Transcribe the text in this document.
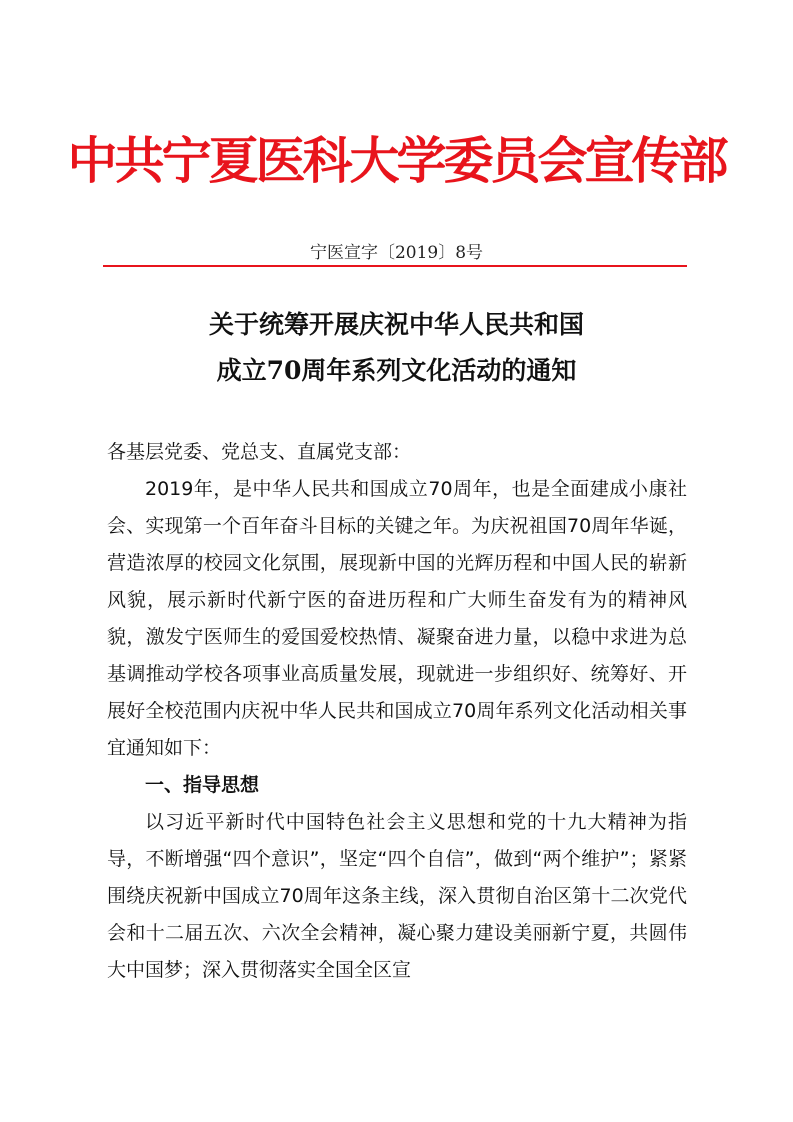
中共宁夏医科大学委员会宣传部
宁医宣字〔2019〕8号
关于统筹开展庆祝中华人民共和国
成立70周年系列文化活动的通知

各基层党委、党总支、直属党支部：

2019年，是中华人民共和国成立70周年，也是全面建成小康社会、实现第一个百年奋斗目标的关键之年。为庆祝祖国70周年华诞，营造浓厚的校园文化氛围，展现新中国的光辉历程和中国人民的崭新风貌，展示新时代新宁医的奋进历程和广大师生奋发有为的精神风貌，激发宁医师生的爱国爱校热情、凝聚奋进力量，以稳中求进为总基调推动学校各项事业高质量发展，现就进一步组织好、统筹好、开展好全校范围内庆祝中华人民共和国成立70周年系列文化活动相关事宜通知如下：

一、指导思想

以习近平新时代中国特色社会主义思想和党的十九大精神为指导，不断增强“四个意识”，坚定“四个自信”，做到“两个维护”；紧紧围绕庆祝新中国成立70周年这条主线，深入贯彻自治区第十二次党代会和十二届五次、六次全会精神，凝心聚力建设美丽新宁夏，共圆伟大中国梦；深入贯彻落实全国全区宣
